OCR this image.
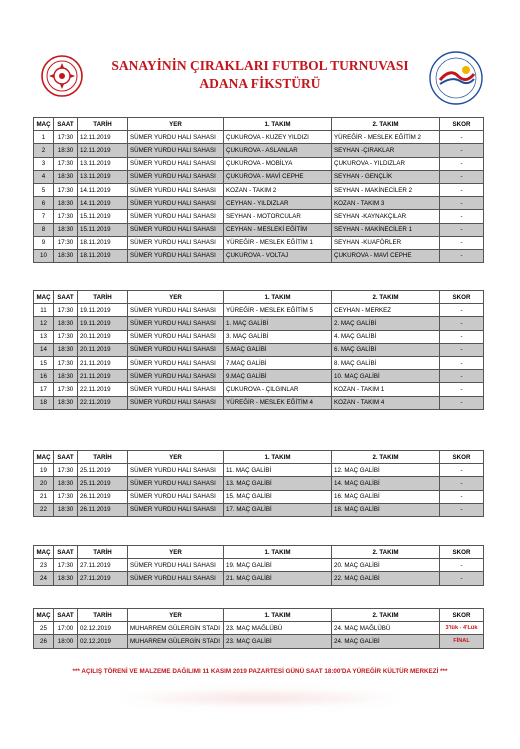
SANAYİNİN ÇIRAKLARI FUTBOL TURNUVASI
ADANA FİKSTÜRÜ
MAÇ	SAAT	TARİH	YER	1. TAKIM	2. TAKIM	SKOR
1	17:30	12.11.2019	SÜMER YURDU HALI SAHASI	ÇUKUROVA - KUZEY YILDIZI	YÜREĞİR - MESLEK EĞİTİM 2	-
2	18:30	12.11.2019	SÜMER YURDU HALI SAHASI	ÇUKUROVA - ASLANLAR	SEYHAN -ÇIRAKLAR	-
3	17:30	13.11.2019	SÜMER YURDU HALI SAHASI	ÇUKUROVA - MOBİLYA	ÇUKUROVA - YILDIZLAR	-
4	18:30	13.11.2019	SÜMER YURDU HALI SAHASI	ÇUKUROVA - MAVİ CEPHE	SEYHAN - GENÇLİK	-
5	17:30	14.11.2019	SÜMER YURDU HALI SAHASI	KOZAN - TAKIM 2	SEYHAN - MAKİNECİLER 2	-
6	18:30	14.11.2019	SÜMER YURDU HALI SAHASI	CEYHAN - YILDIZLAR	KOZAN - TAKIM 3	-
7	17:30	15.11.2019	SÜMER YURDU HALI SAHASI	SEYHAN - MOTORCULAR	SEYHAN -KAYNAKÇILAR	-
8	18:30	15.11.2019	SÜMER YURDU HALI SAHASI	CEYHAN - MESLEKİ EĞİTİM	SEYHAN - MAKİNECİLER 1	-
9	17:30	18.11.2019	SÜMER YURDU HALI SAHASI	YÜREĞİR - MESLEK EĞİTİM 1	SEYHAN -KUAFÖRLER	-
10	18:30	18.11.2019	SÜMER YURDU HALI SAHASI	ÇUKUROVA - VOLTAJ	ÇUKUROVA - MAVİ CEPHE	-
MAÇ	SAAT	TARİH	YER	1. TAKIM	2. TAKIM	SKOR
11	17:30	19.11.2019	SÜMER YURDU HALI SAHASI	YÜREĞİR - MESLEK EĞİTİM 5	CEYHAN - MERKEZ	-
12	18:30	19.11.2019	SÜMER YURDU HALI SAHASI	1. MAÇ GALİBİ	2. MAÇ GALİBİ	-
13	17:30	20.11.2019	SÜMER YURDU HALI SAHASI	3. MAÇ GALİBİ	4. MAÇ GALİBİ	-
14	18:30	20.11.2019	SÜMER YURDU HALI SAHASI	5.MAÇ GALİBİ	6. MAÇ GALİBİ	-
15	17:30	21.11.2019	SÜMER YURDU HALI SAHASI	7.MAÇ GALİBİ	8. MAÇ GALİBİ	-
16	18:30	21.11.2019	SÜMER YURDU HALI SAHASI	9.MAÇ GALİBİ	10. MAÇ GALİBİ	-
17	17:30	22.11.2019	SÜMER YURDU HALI SAHASI	ÇUKUROVA - ÇILGINLAR	KOZAN - TAKIM 1	-
18	18:30	22.11.2019	SÜMER YURDU HALI SAHASI	YÜREĞİR - MESLEK EĞİTİM 4	KOZAN - TAKIM 4	-
MAÇ	SAAT	TARİH	YER	1. TAKIM	2. TAKIM	SKOR
19	17:30	25.11.2019	SÜMER YURDU HALI SAHASI	11. MAÇ GALİBİ	12. MAÇ GALİBİ	-
20	18:30	25.11.2019	SÜMER YURDU HALI SAHASI	13. MAÇ GALİBİ	14. MAÇ GALİBİ	-
21	17:30	26.11.2019	SÜMER YURDU HALI SAHASI	15. MAÇ GALİBİ	16. MAÇ GALİBİ	-
22	18:30	26.11.2019	SÜMER YURDU HALI SAHASI	17. MAÇ GALİBİ	18. MAÇ GALİBİ	-
MAÇ	SAAT	TARİH	YER	1. TAKIM	2. TAKIM	SKOR
23	17:30	27.11.2019	SÜMER YURDU HALI SAHASI	19. MAÇ GALİBİ	20. MAÇ GALİBİ	-
24	18:30	27.11.2019	SÜMER YURDU HALI SAHASI	21. MAÇ GALİBİ	22. MAÇ GALİBİ	-
MAÇ	SAAT	TARİH	YER	1. TAKIM	2. TAKIM	SKOR
25	17:00	02.12.2019	MUHARREM GÜLERGİN STADI	23. MAÇ MAĞLÜBÜ	24. MAÇ MAĞLÜBÜ	3'lük - 4'Lük
26	18:00	02.12.2019	MUHARREM GÜLERGİN STADI	23. MAÇ GALİBİ	24. MAÇ GALİBİ	FİNAL
*** AÇILIŞ TÖRENİ VE MALZEME DAĞILIMI 11 KASIM 2019 PAZARTESİ GÜNÜ SAAT 18:00'DA YÜREĞİR KÜLTÜR MERKEZİ ***
